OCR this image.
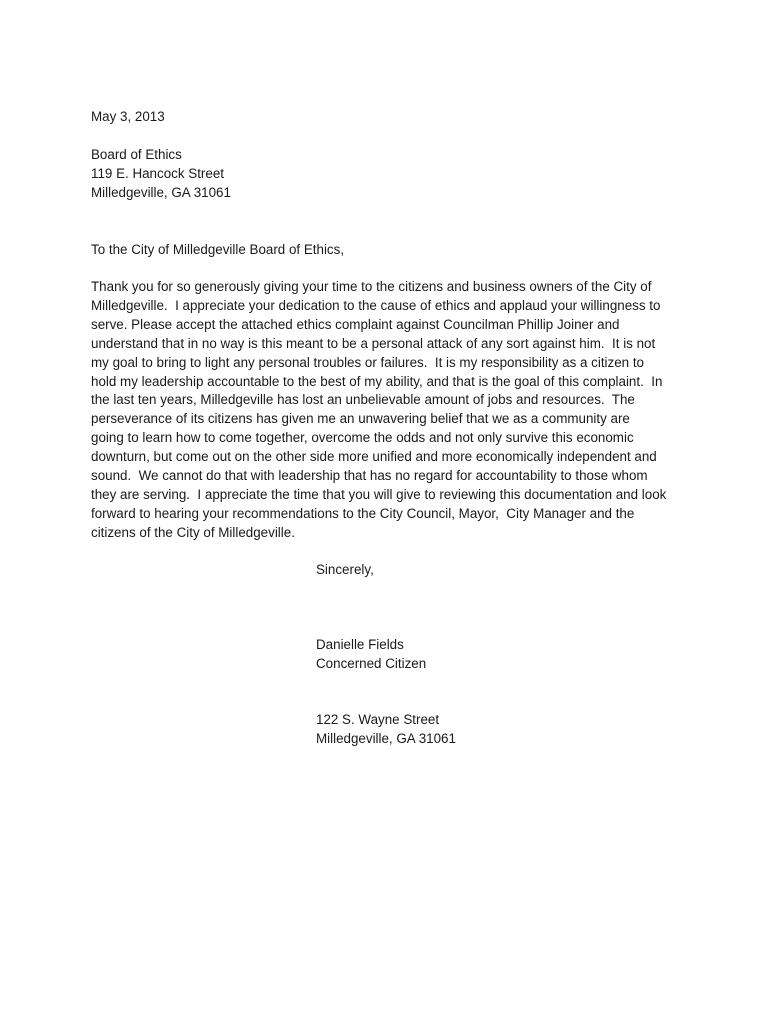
May 3, 2013

Board of Ethics

119 E. Hancock Street

Milledgeville, GA 31061

To the City of Milledgeville Board of Ethics,

Thank you for so generously giving your time to the citizens and business owners of the City of

Milledgeville.  I appreciate your dedication to the cause of ethics and applaud your willingness to

serve. Please accept the attached ethics complaint against Councilman Phillip Joiner and

understand that in no way is this meant to be a personal attack of any sort against him.  It is not

my goal to bring to light any personal troubles or failures.  It is my responsibility as a citizen to

hold my leadership accountable to the best of my ability, and that is the goal of this complaint.  In

the last ten years, Milledgeville has lost an unbelievable amount of jobs and resources.  The

perseverance of its citizens has given me an unwavering belief that we as a community are

going to learn how to come together, overcome the odds and not only survive this economic

downturn, but come out on the other side more unified and more economically independent and

sound.  We cannot do that with leadership that has no regard for accountability to those whom

they are serving.  I appreciate the time that you will give to reviewing this documentation and look

forward to hearing your recommendations to the City Council, Mayor,  City Manager and the

citizens of the City of Milledgeville.

Sincerely,

Danielle Fields

Concerned Citizen

122 S. Wayne Street

Milledgeville, GA 31061
